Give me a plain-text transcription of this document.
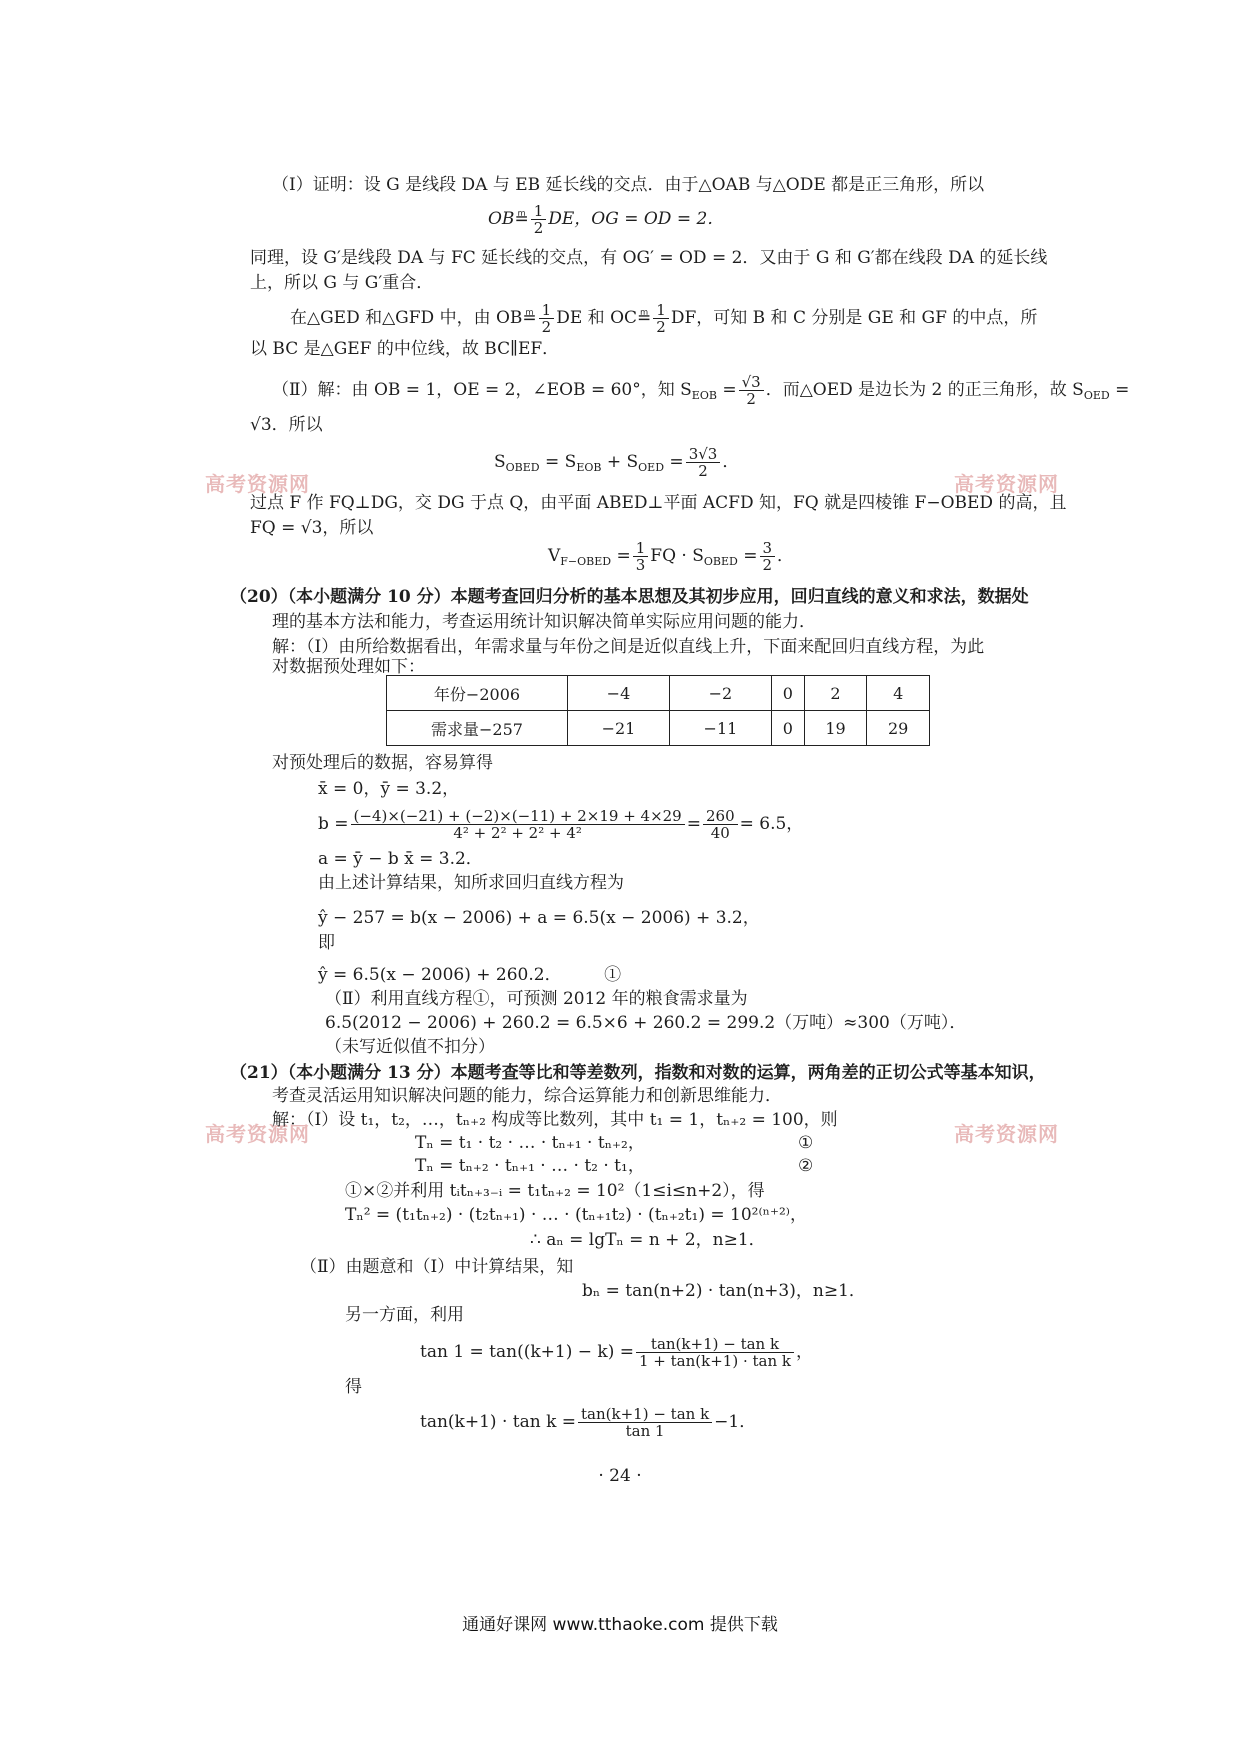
高考资源网	高考资源网
高考资源网	高考资源网
（Ⅰ）证明：设 G 是线段 DA 与 EB 延长线的交点．由于△OAB 与△ODE 都是正三角形，所以
OB≞ $\frac{1}{2}$ DE，OG = OD = 2．
同理，设 G′是线段 DA 与 FC 延长线的交点，有 OG′ = OD = 2．又由于 G 和 G′都在线段 DA 的延长线
上，所以 G 与 G′重合．
在△GED 和△GFD 中，由 OB≞ $\frac{1}{2}$ DE 和 OC≞ $\frac{1}{2}$ DF，可知 B 和 C 分别是 GE 和 GF 的中点，所
以 BC 是△GEF 的中位线，故 BC∥EF．
（Ⅱ）解：由 OB = 1，OE = 2，∠EOB = 60°，知 $S_{EOB} = \frac{√3}{2}$ ．而△OED 是边长为 2 的正三角形，故 $S_{OED}$ =
√3．所以
$S_{OBED} = S_{EOB} + S_{OED} = \frac{3√3}{2}$ ．
过点 F 作 FQ⊥DG，交 DG 于点 Q，由平面 ABED⊥平面 ACFD 知，FQ 就是四棱锥 F−OBED 的高，且
FQ = √3，所以
$V_{F-OBED} = \frac{1}{3}$ FQ · $S_{OBED} = \frac{3}{2}$ ．
（20）（本小题满分 10 分）本题考查回归分析的基本思想及其初步应用，回归直线的意义和求法，数据处
理的基本方法和能力，考查运用统计知识解决简单实际应用问题的能力．
解：（Ⅰ）由所给数据看出，年需求量与年份之间是近似直线上升，下面来配回归直线方程，为此
对数据预处理如下：
年份−2006	−4	−2	0	2	4
需求量−257	−21	−11	0	19	29
对预处理后的数据，容易算得
x̄ = 0，ȳ = 3.2，
$b = \frac{(-4)\times(-21) + (-2)\times(-11) + 2\times 19 + 4\times 29}{\text{4² + 2² + 2² + 4²}} = \frac{260}{40} = 6.5$，
a = ȳ − b x̄ = 3.2．
由上述计算结果，知所求回归直线方程为
ŷ − 257 = b(x − 2006) + a = 6.5(x − 2006) + 3.2，
即
ŷ = 6.5(x − 2006) + 260.2．　　　①
（Ⅱ）利用直线方程①，可预测 2012 年的粮食需求量为
6.5(2012 − 2006) + 260.2 = 6.5×6 + 260.2 = 299.2（万吨）≈300（万吨）．
（未写近似值不扣分）
（21）（本小题满分 13 分）本题考查等比和等差数列，指数和对数的运算，两角差的正切公式等基本知识，
考查灵活运用知识解决问题的能力，综合运算能力和创新思维能力．
解：（Ⅰ）设 t₁，t₂，…，tₙ₊₂ 构成等比数列，其中 t₁ = 1，tₙ₊₂ = 100，则
Tₙ = t₁ · t₂ · … · tₙ₊₁ · tₙ₊₂，	①
Tₙ = tₙ₊₂ · tₙ₊₁ · … · t₂ · t₁，	②
①×②并利用 tᵢtₙ₊₃₋ᵢ = t₁tₙ₊₂ = 10²（1≤i≤n+2），得
Tₙ² = (t₁tₙ₊₂) · (t₂tₙ₊₁) · … · (tₙ₊₁t₂) · (tₙ₊₂t₁) = 10²⁽ⁿ⁺²⁾，
∴ aₙ = lgTₙ = n + 2，n≥1．
（Ⅱ）由题意和（Ⅰ）中计算结果，知
bₙ = tan(n+2) · tan(n+3)，n≥1．
另一方面，利用
$\tan 1 = \tan((k+1) - k) = \frac{\text{tan(k+1) − tan k}}{\text{1 + tan(k+1) · tan k}}$ ，
得
$\tan(k+1) \cdot \tan k = \frac{\text{tan(k+1) − tan k}}{\tan 1} -1$．
· 24 ·
通通好课网 www.tthaoke.com 提供下载
